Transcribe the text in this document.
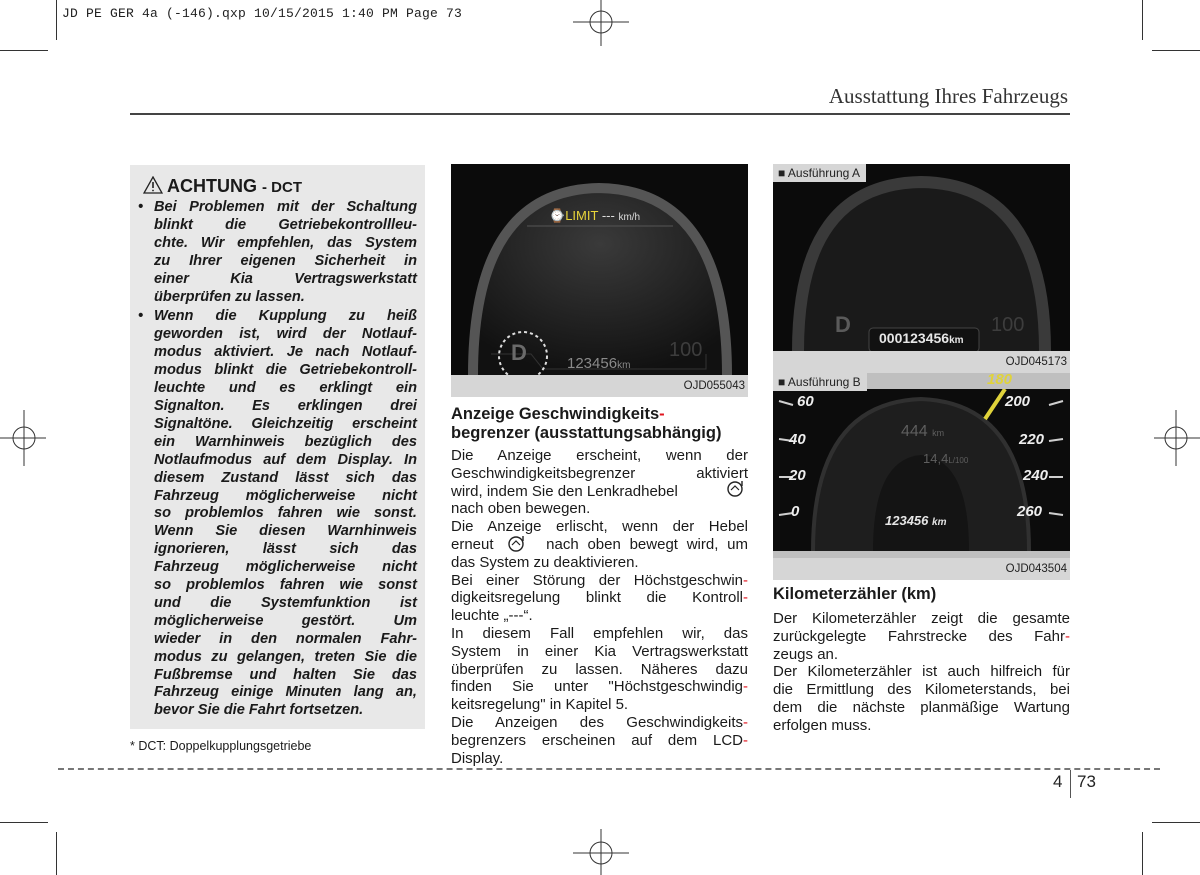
JD PE GER 4a (-146).qxp 10/15/2015 1:40 PM Page 73
Ausstattung Ihres Fahrzeugs
ACHTUNG - DCT
• Bei Problemen mit der Schaltung
blinkt die Getriebekontrollleu-
chte. Wir empfehlen, das System
zu Ihrer eigenen Sicherheit in
einer Kia Vertragswerkstatt
überprüfen zu lassen.
• Wenn die Kupplung zu heiß
geworden ist, wird der Notlauf-
modus aktiviert. Je nach Notlauf-
modus blinkt die Getriebekontroll-
leuchte und es erklingt ein
Signalton. Es erklingen drei
Signaltöne. Gleichzeitig erscheint
ein Warnhinweis bezüglich des
Notlaufmodus auf dem Display. In
diesem Zustand lässt sich das
Fahrzeug möglicherweise nicht
so problemlos fahren wie sonst.
Wenn Sie diesen Warnhinweis
ignorieren, lässt sich das
Fahrzeug möglicherweise nicht
so problemlos fahren wie sonst
und die Systemfunktion ist
möglicherweise gestört. Um
wieder in den normalen Fahr-
modus zu gelangen, treten Sie die
Fußbremse und halten Sie das
Fahrzeug einige Minuten lang an,
bevor Sie die Fahrt fortsetzen.
* DCT: Doppelkupplungsgetriebe
⌚LIMIT --- km/h
D	123456km
100
OJD055043
Anzeige Geschwindigkeits-
begrenzer (ausstattungsabhängig)
Die Anzeige erscheint, wenn der
Geschwindigkeitsbegrenzer aktiviert
wird, indem Sie den Lenkradhebel
nach oben bewegen.
Die Anzeige erlischt, wenn der Hebel
erneut      nach oben bewegt wird, um
das System zu deaktivieren.
Bei einer Störung der Höchstgeschwin-
digkeitsregelung blinkt die Kontroll-
leuchte „---“.
In diesem Fall empfehlen wir, das
System in einer Kia Vertragswerkstatt
überprüfen zu lassen. Näheres dazu
finden Sie unter "Höchstgeschwindig-
keitsregelung" in Kapitel 5.
Die Anzeigen des Geschwindigkeits-
begrenzers erscheinen auf dem LCD-
Display.
■ Ausführung A
D
000123456km
100
OJD045173
■ Ausführung B
60
40
20
0
180
200
220
240
260
444 km
14,4L/100
123456 km
OJD043504
Kilometerzähler (km)
Der Kilometerzähler zeigt die gesamte
zurückgelegte Fahrstrecke des Fahr-
zeugs an.
Der Kilometerzähler ist auch hilfreich für
die Ermittlung des Kilometerstands, bei
dem die nächste planmäßige Wartung
erfolgen muss.
4 73
